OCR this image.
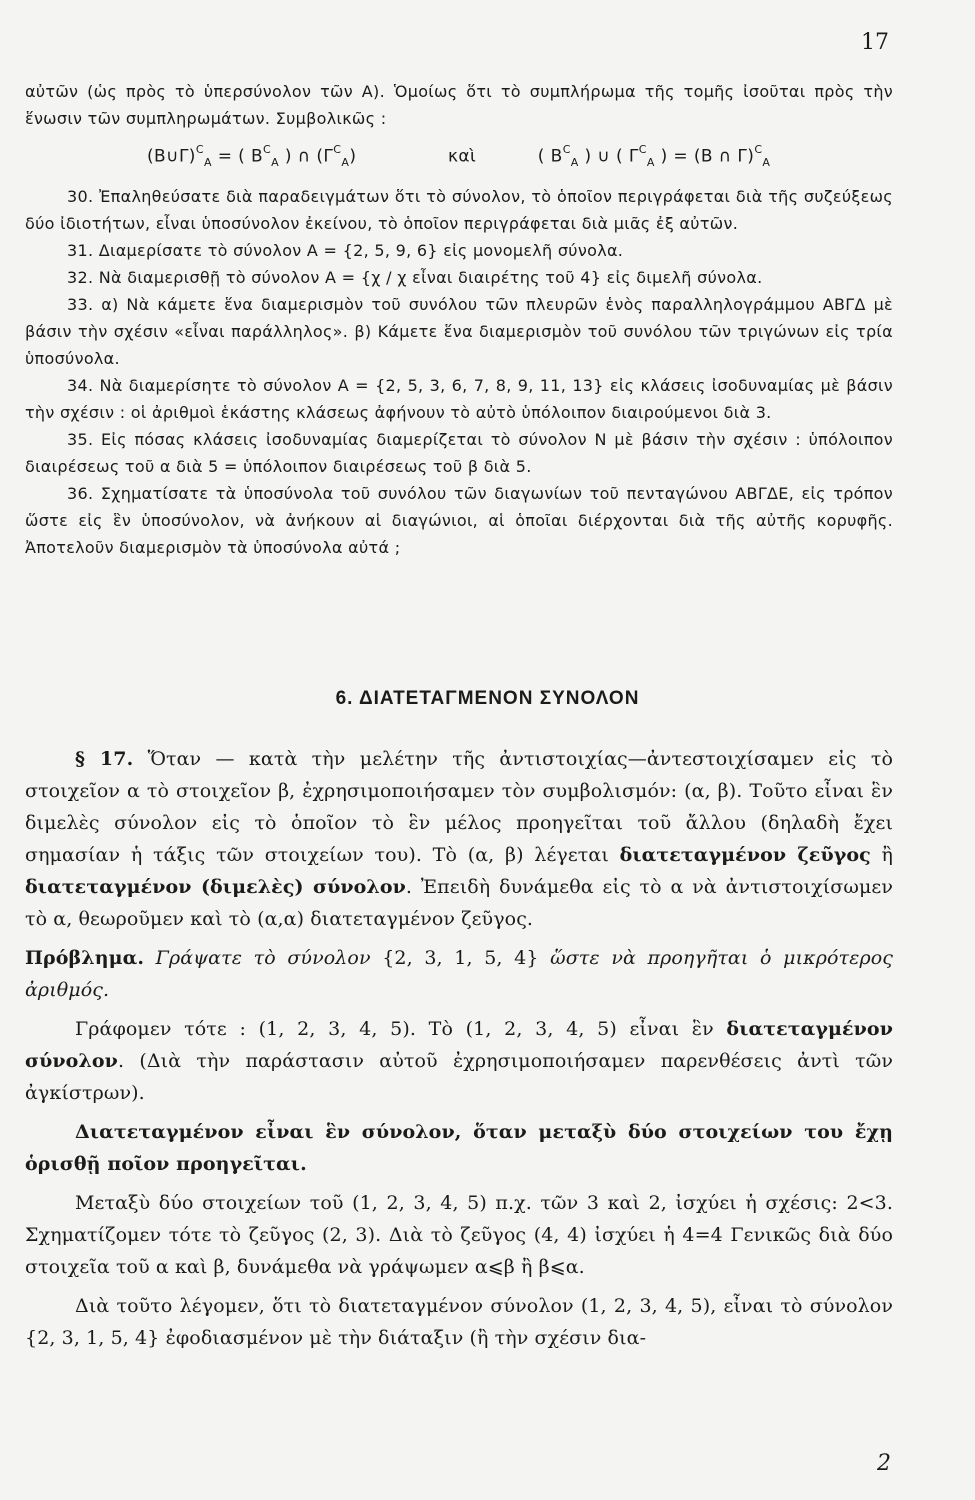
17

αὐτῶν (ὡς πρὸς τὸ ὑπερσύνολον τῶν Α). Ὁμοίως ὅτι τὸ συμπλήρωμα τῆς τομῆς ἰσοῦται πρὸς τὴν ἕνωσιν τῶν συμπληρωμάτων. Συμβολικῶς :

(B∪Γ)$^C_A$ = ( $B^C_A$ ) ∩ $(\Gamma^C_A)$	καὶ	( $B^C_A$ ) ∪ ( $\Gamma^C_A$ ) = (B ∩ Γ)$^C_A$

30. Ἐπαληθεύσατε διὰ παραδειγμάτων ὅτι τὸ σύνολον, τὸ ὁποῖον περιγράφεται διὰ τῆς συζεύξεως δύο ἰδιοτήτων, εἶναι ὑποσύνολον ἐκείνου, τὸ ὁποῖον περιγράφεται διὰ μιᾶς ἐξ αὐτῶν.

31. Διαμερίσατε τὸ σύνολον Α = {2, 5, 9, 6} εἰς μονομελῆ σύνολα.

32. Νὰ διαμερισθῇ τὸ σύνολον Α = {χ / χ εἶναι διαιρέτης τοῦ 4} εἰς διμελῆ σύνολα.

33. α) Νὰ κάμετε ἕνα διαμερισμὸν τοῦ συνόλου τῶν πλευρῶν ἑνὸς παραλληλογράμμου ΑΒΓΔ μὲ βάσιν τὴν σχέσιν «εἶναι παράλληλος». β) Κάμετε ἕνα διαμερισμὸν τοῦ συνόλου τῶν τριγώνων εἰς τρία ὑποσύνολα.

34. Νὰ διαμερίσητε τὸ σύνολον Α = {2, 5, 3, 6, 7, 8, 9, 11, 13} εἰς κλάσεις ἰσοδυναμίας μὲ βάσιν τὴν σχέσιν : οἱ ἀριθμοὶ ἑκάστης κλάσεως ἀφήνουν τὸ αὐτὸ ὑπόλοιπον διαιρούμενοι διὰ 3.

35. Εἰς πόσας κλάσεις ἰσοδυναμίας διαμερίζεται τὸ σύνολον Ν μὲ βάσιν τὴν σχέσιν : ὑπόλοιπον διαιρέσεως τοῦ α διὰ 5 = ὑπόλοιπον διαιρέσεως τοῦ β διὰ 5.

36. Σχηματίσατε τὰ ὑποσύνολα τοῦ συνόλου τῶν διαγωνίων τοῦ πενταγώνου ΑΒΓΔΕ, εἰς τρόπον ὥστε εἰς ἓν ὑποσύνολον, νὰ ἀνήκουν αἱ διαγώνιοι, αἱ ὁποῖαι διέρχονται διὰ τῆς αὐτῆς κορυφῆς. Ἀποτελοῦν διαμερισμὸν τὰ ὑποσύνολα αὐτά ;

6. ΔΙΑΤΕΤΑΓΜΕΝΟΝ ΣΥΝΟΛΟΝ

§ 17. Ὅταν — κατὰ τὴν μελέτην τῆς ἀντιστοιχίας—ἀντεστοιχίσαμεν εἰς τὸ στοιχεῖον α τὸ στοιχεῖον β, ἐχρησιμοποιήσαμεν τὸν συμβολισμόν: (α, β). Τοῦτο εἶναι ἓν διμελὲς σύνολον εἰς τὸ ὁποῖον τὸ ἓν μέλος προηγεῖται τοῦ ἄλλου (δηλαδὴ ἔχει σημασίαν ἡ τάξις τῶν στοιχείων του). Τὸ (α, β) λέγεται διατεταγμένον ζεῦγος ἢ διατεταγμένον (διμελὲς) σύνολον. Ἐπειδὴ δυνάμεθα εἰς τὸ α νὰ ἀντιστοιχίσωμεν τὸ α, θεωροῦμεν καὶ τὸ (α,α) διατεταγμένον ζεῦγος.

Πρόβλημα. Γράψατε τὸ σύνολον {2, 3, 1, 5, 4} ὥστε νὰ προηγῆται ὁ μικρότερος ἀριθμός.

Γράφομεν τότε : (1, 2, 3, 4, 5). Τὸ (1, 2, 3, 4, 5) εἶναι ἓν διατεταγμένον σύνολον. (Διὰ τὴν παράστασιν αὐτοῦ ἐχρησιμοποιήσαμεν παρενθέσεις ἀντὶ τῶν ἀγκίστρων).

Διατεταγμένον εἶναι ἓν σύνολον, ὅταν μεταξὺ δύο στοιχείων του ἔχῃ ὁρισθῇ ποῖον προηγεῖται.

Μεταξὺ δύο στοιχείων τοῦ (1, 2, 3, 4, 5) π.χ. τῶν 3 καὶ 2, ἰσχύει ἡ σχέσις: 2<3. Σχηματίζομεν τότε τὸ ζεῦγος (2, 3). Διὰ τὸ ζεῦγος (4, 4) ἰσχύει ἡ 4=4 Γενικῶς διὰ δύο στοιχεῖα τοῦ α καὶ β, δυνάμεθα νὰ γράψωμεν α⩽β ἢ β⩽α.

Διὰ τοῦτο λέγομεν, ὅτι τὸ διατεταγμένον σύνολον (1, 2, 3, 4, 5), εἶναι τὸ σύνολον {2, 3, 1, 5, 4} ἐφοδιασμένον μὲ τὴν διάταξιν (ἢ τὴν σχέσιν δια-

2
